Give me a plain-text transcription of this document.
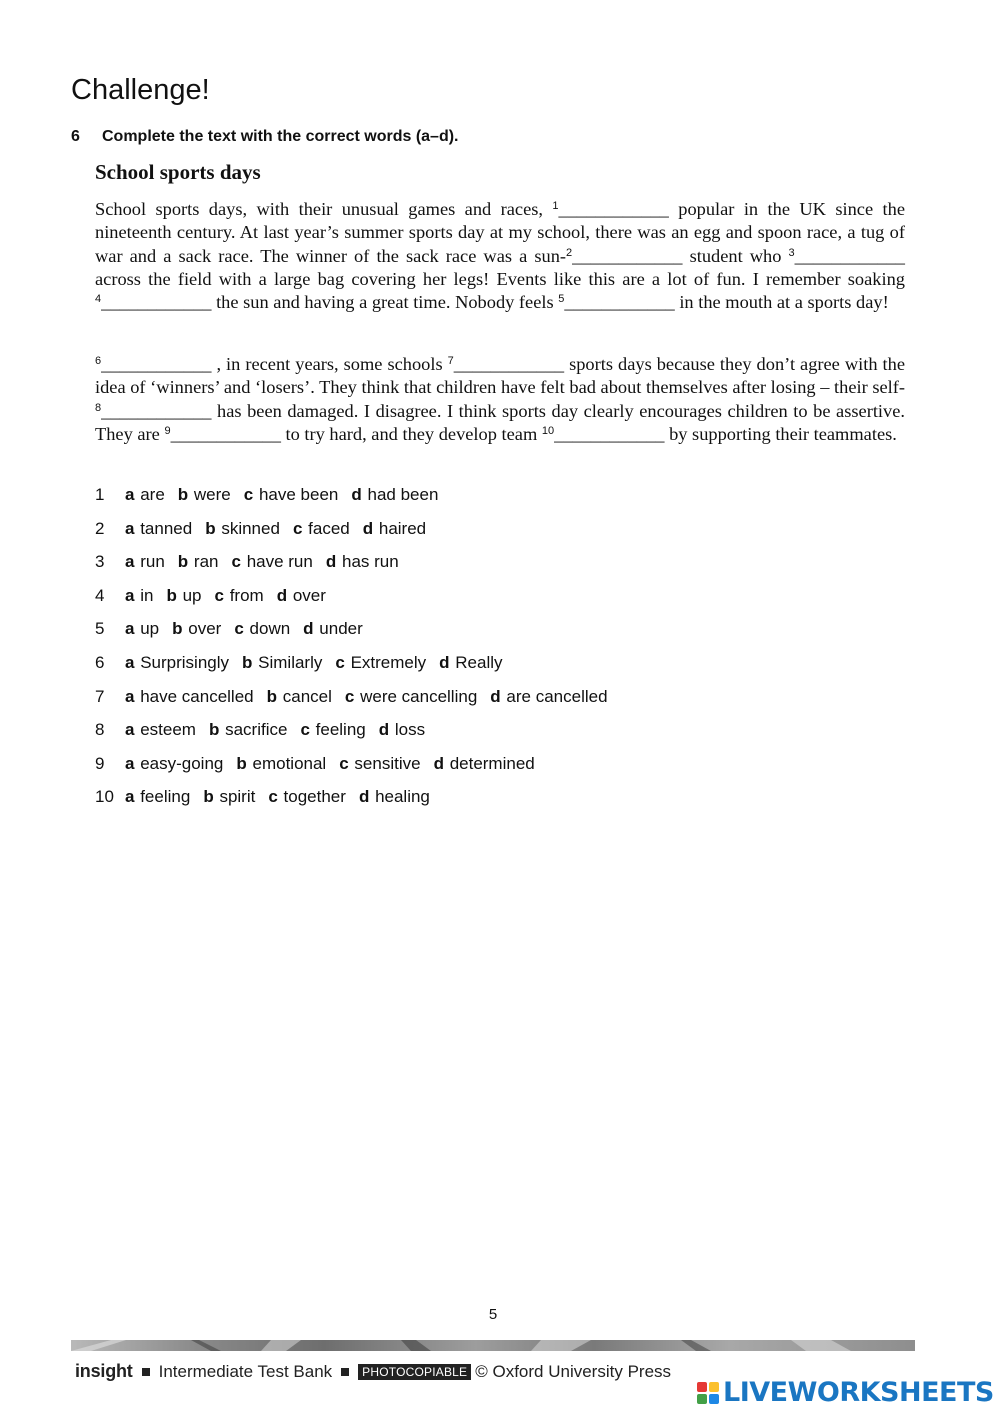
Challenge!
6 Complete the text with the correct words (a–d).
School sports days

School sports days, with their unusual games and races, $^1$____________ popular in the UK since the nineteenth century. At last year’s summer sports day at my school, there was an egg and spoon race, a tug of war and a sack race. The winner of the sack race was a sun-$^2$____________ student who $^3$____________ across the field with a large bag covering her legs! Events like this are a lot of fun. I remember soaking $^4$____________ the sun and having a great time. Nobody feels $^5$____________ in the mouth at a sports day!

$^6$____________ , in recent years, some schools $^7$____________ sports days because they don’t agree with the idea of ‘winners’ and ‘losers’. They think that children have felt bad about themselves after losing – their self-$^8$____________ has been damaged. I disagree. I think sports day clearly encourages children to be assertive. They are $^9$____________ to try hard, and they develop team $^{10}$____________ by supporting their teammates.

1 a are b were c have been d had been
2 a tanned b skinned c faced d haired
3 a run b ran c have run d has run
4 a in b up c from d over
5 a up b over c down d under
6 a Surprisingly b Similarly c Extremely d Really
7 a have cancelled b cancel c were cancelling d are cancelled
8 a esteem b sacrifice c feeling d loss
9 a easy-going b emotional c sensitive d determined
10 a feeling b spirit c together d healing
5
insight Intermediate Test Bank	PHOTOCOPIABLE © Oxford University Press
LIVEWORKSHEETS
